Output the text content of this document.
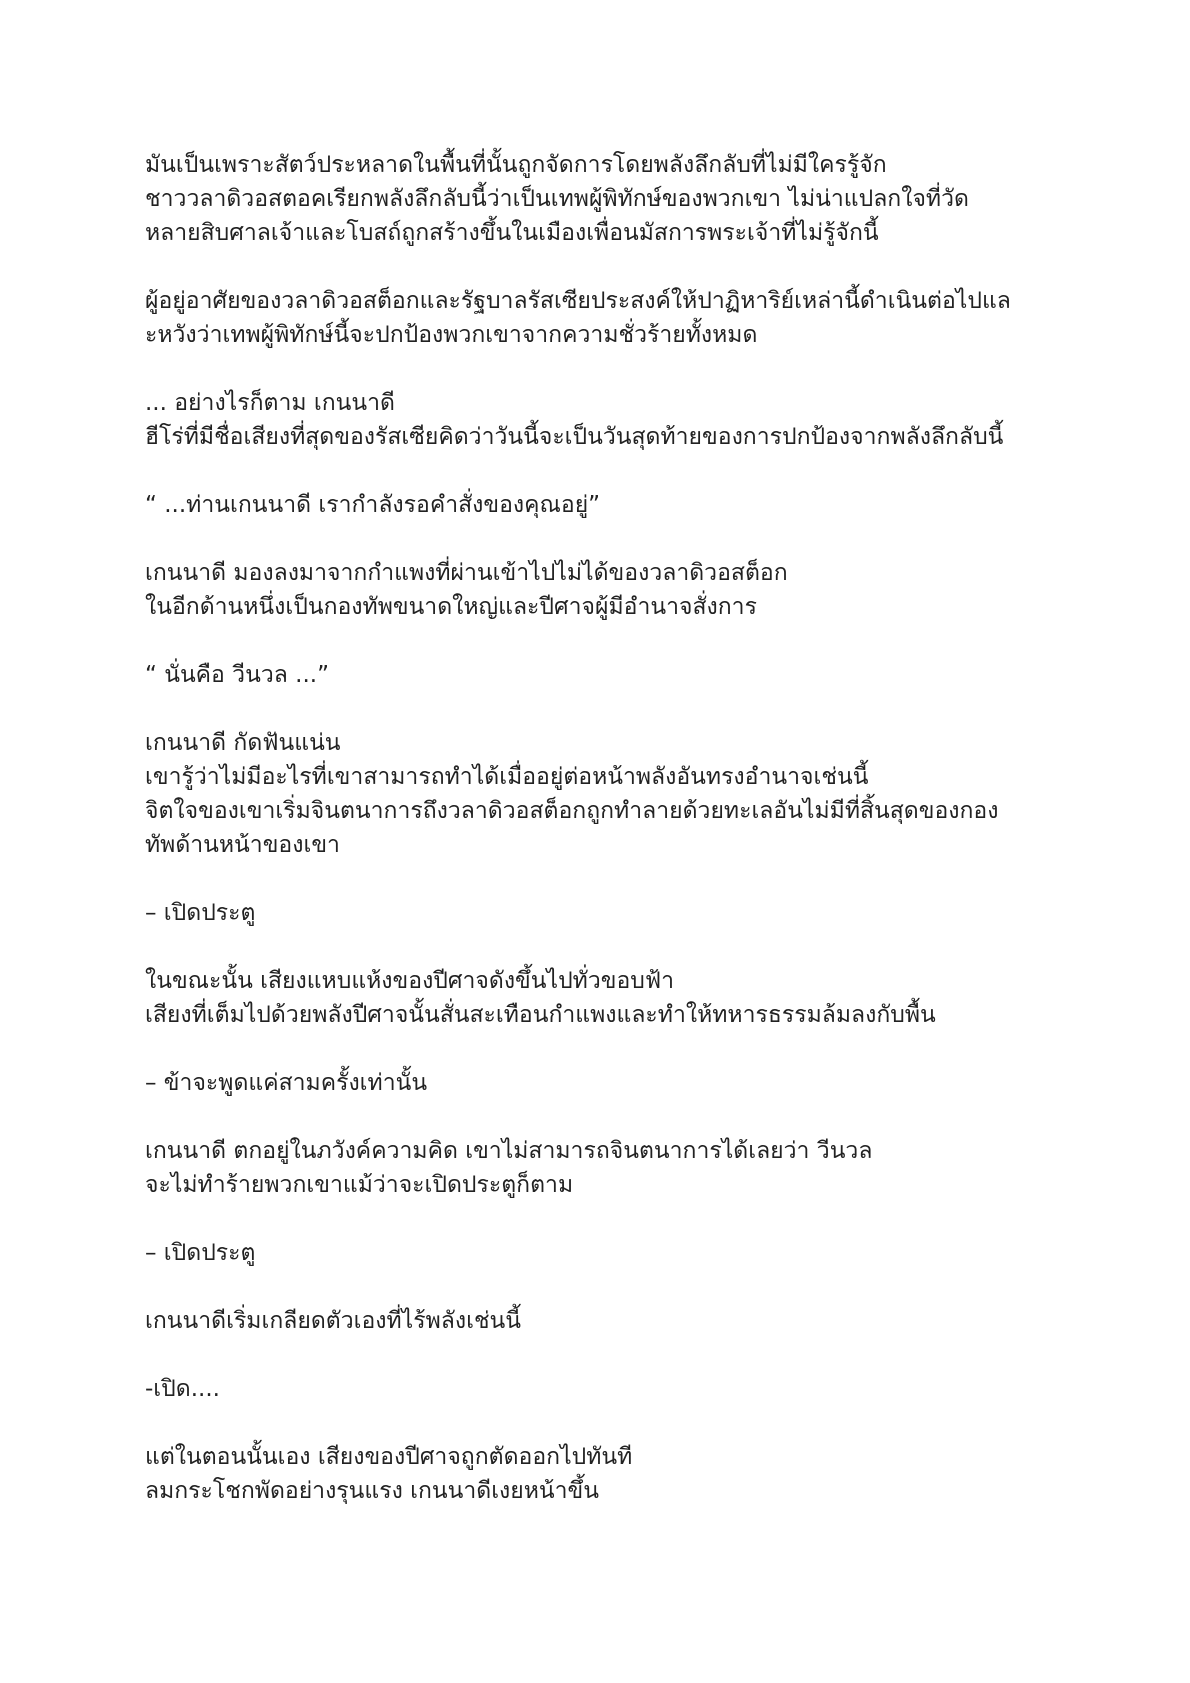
มันเป็นเพราะสัตว์ประหลาดในพื้นที่นั้นถูกจัดการโดยพลังลึกลับที่ไม่มีใครรู้จัก
ชาววลาดิวอสตอคเรียกพลังลึกลับนี้ว่าเป็นเทพผู้พิทักษ์ของพวกเขา ไม่น่าแปลกใจที่วัด
หลายสิบศาลเจ้าและโบสถ์ถูกสร้างขึ้นในเมืองเพื่อนมัสการพระเจ้าที่ไม่รู้จักนี้
ผู้อยู่อาศัยของวลาดิวอสต็อกและรัฐบาลรัสเซียประสงค์ให้ปาฏิหาริย์เหล่านี้ดำเนินต่อไปแล
ะหวังว่าเทพผู้พิทักษ์นี้จะปกป้องพวกเขาจากความชั่วร้ายทั้งหมด
... อย่างไรก็ตาม เกนนาดี
ฮีโร่ที่มีชื่อเสียงที่สุดของรัสเซียคิดว่าวันนี้จะเป็นวันสุดท้ายของการปกป้องจากพลังลึกลับนี้
“ ...ท่านเกนนาดี เรากำลังรอคำสั่งของคุณอยู่”
เกนนาดี มองลงมาจากกำแพงที่ผ่านเข้าไปไม่ได้ของวลาดิวอสต็อก
ในอีกด้านหนึ่งเป็นกองทัพขนาดใหญ่และปีศาจผู้มีอำนาจสั่งการ
“ นั่นคือ วีนวล ...”
เกนนาดี กัดฟันแน่น
เขารู้ว่าไม่มีอะไรที่เขาสามารถทำได้เมื่ออยู่ต่อหน้าพลังอันทรงอำนาจเช่นนี้
จิตใจของเขาเริ่มจินตนาการถึงวลาดิวอสต็อกถูกทำลายด้วยทะเลอันไม่มีที่สิ้นสุดของกอง
ทัพด้านหน้าของเขา
– เปิดประตู
ในขณะนั้น เสียงแหบแห้งของปีศาจดังขึ้นไปทั่วขอบฟ้า
เสียงที่เต็มไปด้วยพลังปีศาจนั้นสั่นสะเทือนกำแพงและทำให้ทหารธรรมล้มลงกับพื้น
– ข้าจะพูดแค่สามครั้งเท่านั้น
เกนนาดี ตกอยู่ในภวังค์ความคิด เขาไม่สามารถจินตนาการได้เลยว่า วีนวล
จะไม่ทำร้ายพวกเขาแม้ว่าจะเปิดประตูก็ตาม
– เปิดประตู
เกนนาดีเริ่มเกลียดตัวเองที่ไร้พลังเช่นนี้
-เปิด....
แต่ในตอนนั้นเอง เสียงของปีศาจถูกตัดออกไปทันที
ลมกระโชกพัดอย่างรุนแรง เกนนาดีเงยหน้าขึ้น
